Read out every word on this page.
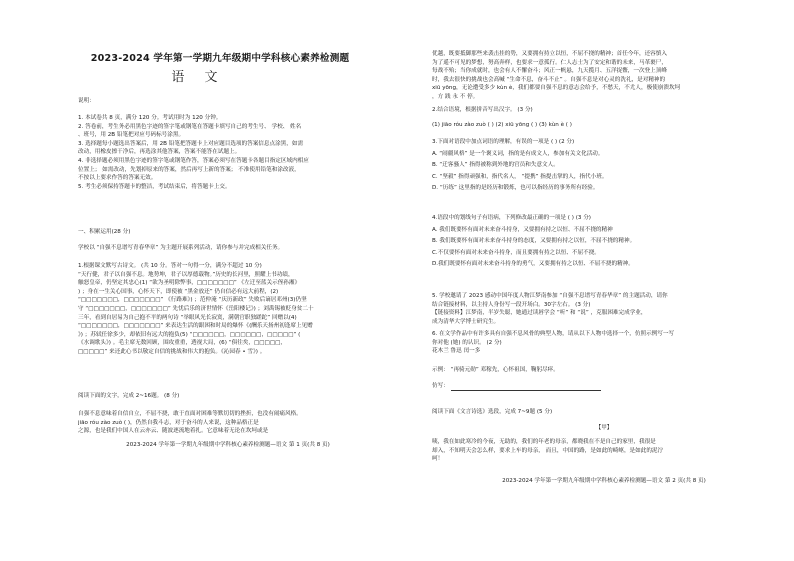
2023-2024 学年第一学期九年级期中学科核心素养检测题
语 文
说明：
1. 本试卷共 8 页，满分 120 分。考试用时为 120 分钟。
2. 答卷前，考生务必用黑色字迹的签字笔或钢笔在答题卡填写自己的考生号、 学校、 姓名
、班号，用 2B 铅笔把对应号码标号涂黑。
3. 选择题每小题选出答案后，用 2B 铅笔把答题卡上对应题目选项的答案信息点涂黑，如需
改动，用橡皮擦干净后，再选涂其他答案，答案不能答在试题上。
4. 非选择题必须用黑色字迹的签字笔或钢笔作答，答案必须写在答题卡各题目指定区域内相应
位置上； 如需改动，先划掉原来的答案，然后再写上新的答案； 不准使用铅笔和涂改液，
不按以上要求作答的答案无效。
5. 考生必须保持答题卡的整洁，考试结束后，将答题卡上交。
一、积累运用(28 分)
学校以 “自强不息谱写青春华章” 为主题开展系列活动，请你参与并完成相关任务。
1.根据课文默写古诗文。 (共 10 分。答对一句得一分，满分不超过 10 分)
“天行健，君子以自强不息。地势坤，君子以厚德载物。”历史的长河里，照耀上书功绩，
触怒皇帝，仍坚定其忠心(1) “欲为圣明除弊事，□□□□□□□” 《左迁至蓝关示侄孙湘》
) ；身在一生关心国事，心怀天下，即使被 “黑金放还” 仍自信必有远大前程，(2)
“□□□□□□□，□□□□□□□” 《行路难》) ；范仲淹 “庆历新政” 失败后谪居邓州(3)仍坚
守 “□□□□□□□，□□□□□□□” 先忧后乐的济世情怀《岳阳楼记》) ；刘禹锡被贬身贫二十
三年，看到自居易为自己抱不平的两句诗 “举眼风光长寂寞，满朝官职独蹉跎” 回赠以(4)
“□□□□□□□，□□□□□□□” 来表达生活的跟困和时局的爆怀《(酬乐天扬州初逢席上见赠
》) ；苏轼任徐多少，却依旧有远大的抱负(5) “□□□□□□，□□□□□□，□□□□□” (
《水调歌头》) 。毛主席无数回顾，围攻重重，透视大局，(6) “俱往矣，□□□□□，
□□□□□” 来还此心书以敬定自信的挑战和伟大的抱负。《沁园春 • 雪》) 。
阅读下面的文字，完成 2~16题。 (8 分)
自强不息意味着自信自立，不屈不挠，敢于直面对困难等默切切的挫折，也没有闹痛风格。
jiāo róu zào zuò ( )，仍然自我斗志，对于奋斗的人来说，这种品格正是
之源，也是我们中国人在云亦云、随波逐流地着扎。它意味着无论在坎坷或是
2023-2024 学年第一学期九年级期中学科核心素养检测题—语文 第 1 页(共 8 页)
优越，既要抵御那些来袭击挂的势，又要拥有持立以恒，不屈不挠的精神；首任今年，还容慎入
为了遥不可见的梦想，努高奔样，也要求一意孤行。仁人志士为了安定和谐的未来，马革裹尸，
每战不殆；当你成就时，也会有人不懈奋斗；风正一帆悬，九天揽月、五洋捉鳖，一次登上顶峰
时，我去很快的挑战也会高喊 “生命不息，奋斗不止” 。自强不息是对心灵的洗礼，是对精神的
xiū yōng，无论遭受多少 kùn è，我们都要自强不息的意志会给予，不愁天，不尤人，极使崩溃坎坷
，方 践 永 不 停。
2.结合语境，根据拼音写出汉字。 (3 分)
(1) jiāo róu zào zuò ( ) (2) xiū yōng ( ) (3) kùn è ( )
3.下面对语段中加点词语的理解，有误的一项是 ( ) (2 分)
A. “闹疆风格” 是一个褒义词，指的是有成文人，参加有关文化活动。
B. “迁客骚人” 指得被称到外地的官员和失意文人。
C. “坚毅” 指得顽强和，指代名人， “提携” 指提击掌的人，指代小班。
D. “历练” 这里指的是经历和锻炼，也可以指经历的事务所有经验。
4.语段中的划线句子有语病，下列修改最正确的一项是 ( ) (3 分)
A. 我们既要怀有面对未来奋斗持身，又要拥有持之以恒、不屈不挠的精神
B. 我们既要怀有面对未来奋斗持身的态度，又要拥有持之以恒，不屈不挠的精神。
C.不仅要怀有面对未来奋斗持身，而且要拥有持之以恒、不屈不挠。
D.我们既要怀有面对未来奋斗持身的勇气，又要拥有持之以恒、不屈不挠的精神。
5. 学校邀请了 2023 感动中国年度人物江梦南参加 “自强不息谱写青春华章” 的主题活动，请你
结合链接材料，以主持人身份写一段开场白。30字左右。 (3 分)
【链接资料】江梦南，半岁失聪，她通过读唇学会 “听” 和 “说” ，克服困难完成学业，
成为清华大学博士研究生。
6. 在文学作品中有许多具有自强不息风骨的典型人物，请从以下人物中选择一个，仿照示例写一写
你对他 (她) 的认识。 (2 分)
花木兰 鲁迅 闰一多
示例： “再骑元勋” 邓稼先，心怀祖国，鞠躬尽瘁。
仿写：
阅读下面《文言诗选》选段，完成 7~9题 (5 分)
【甲】
咦，我在如此寒冷的今夜，无助的，我们的年老的母亲，都晓我在不是自己的家里，我很是
却入，不知明天会怎么样，要求上车的母亲， 而且，中国的路，是如此的崎岖，是如此的泥泞
呵！
2023-2024 学年第一学期九年级期中学科核心素养检测题—语文 第 2 页(共 8 页)
